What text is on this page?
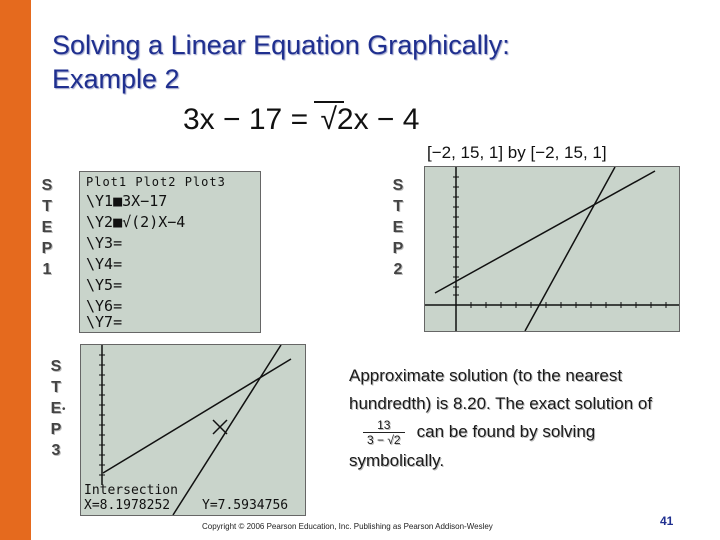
Solving a Linear Equation Graphically:
Example 2
3x − 17 = √2x − 4
[−2, 15, 1] by [−2, 15, 1]
S
T
E
P
1
Plot1 Plot2 Plot3
\Y1■3X−17
\Y2■√(2)X−4
\Y3=
\Y4=
\Y5=
\Y6=
\Y7=
S
T
E
P
2
S
T
E
P
3
•
Intersection
X=8.1978252 Y=7.5934756
Approximate solution (to the nearest hundredth) is 8.20. The exact solution of
$\frac{13}{3 - √2}$ can be found by solving symbolically.
Copyright © 2006 Pearson Education, Inc. Publishing as Pearson Addison-Wesley	41
